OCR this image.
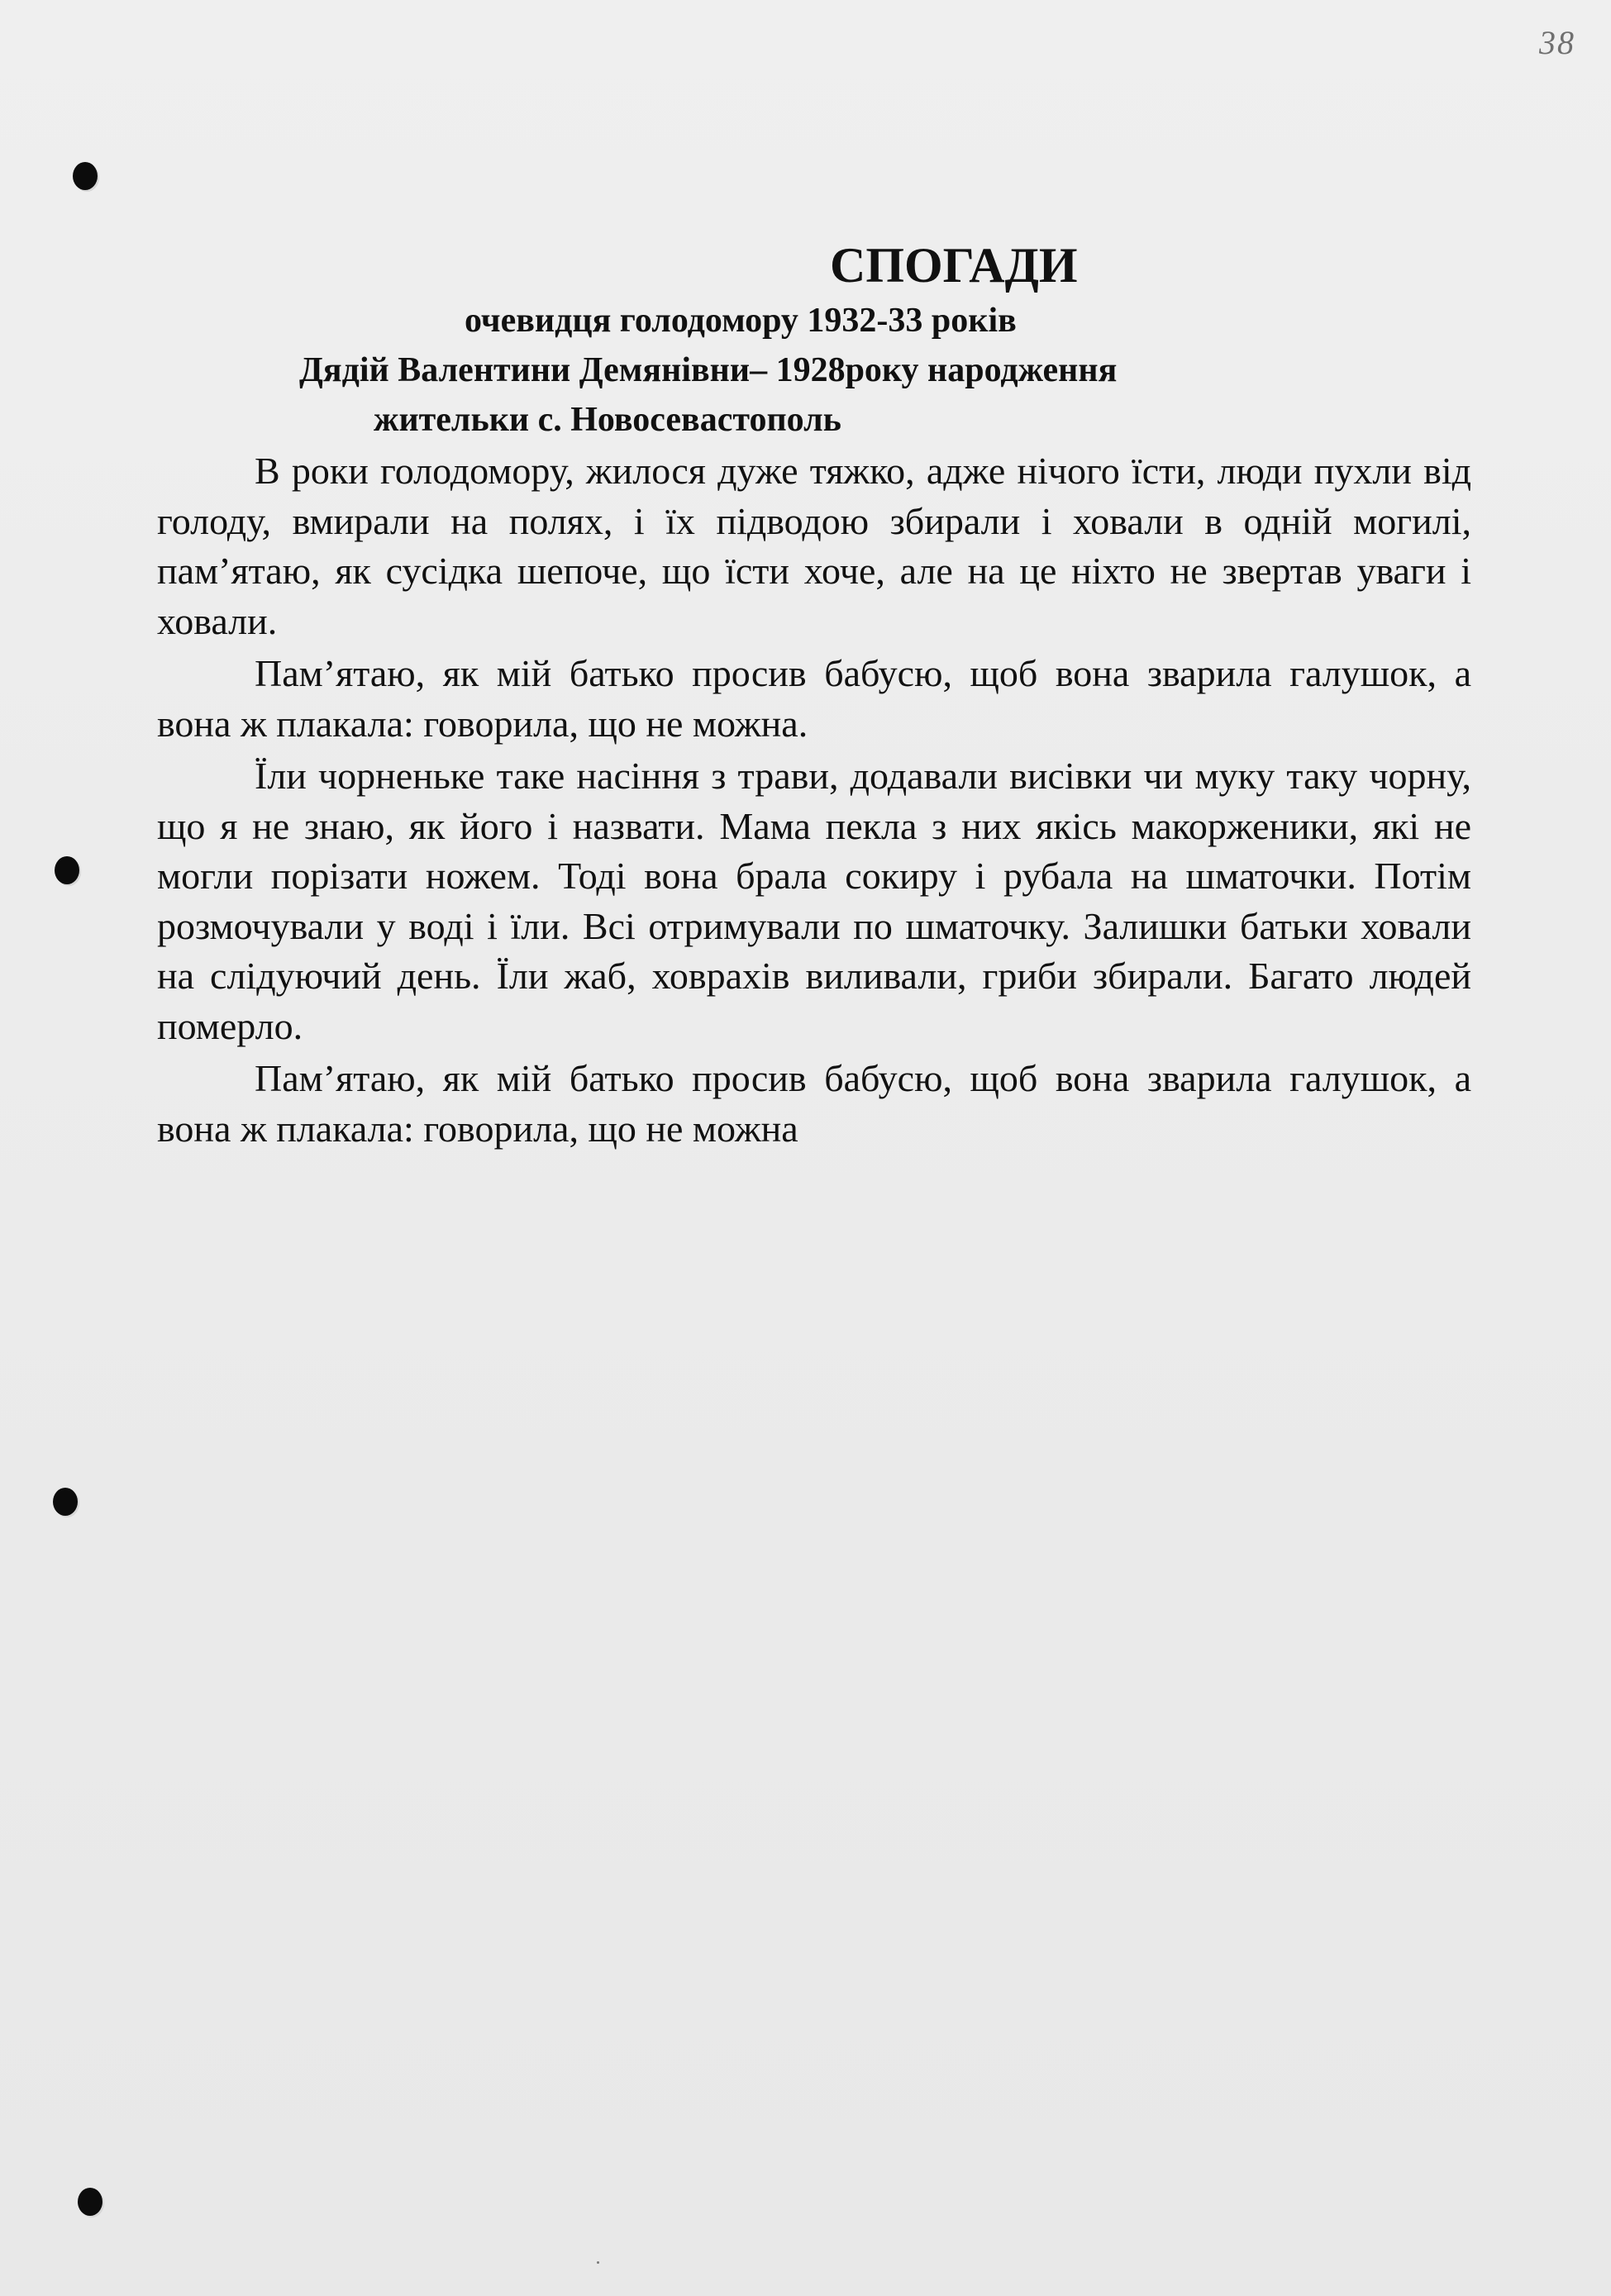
38
СПОГАДИ
очевидця голодомору 1932-33 років
Дядій Валентини Демянівни– 1928року народження
жительки с. Новосевастополь

В роки голодомору, жилося дуже тяжко, адже нічого їсти, люди пухли від голоду, вмирали на полях, і їх підводою збирали і ховали в одній могилі, пам’ятаю, як сусідка шепоче, що їсти хоче, але на це ніхто не звертав уваги і ховали.

Пам’ятаю, як мій батько просив бабусю, щоб вона зварила галушок, а вона ж плакала: говорила, що не можна.

Їли чорненьке таке насіння з трави, додавали висівки чи муку таку чорну, що я не знаю, як його і назвати. Мама пекла з них якісь макорженики, які не могли порізати ножем. Тоді вона брала сокиру і рубала на шматочки. Потім розмочували у воді і їли. Всі отримували по шматочку. Залишки батьки ховали на слідуючий день. Їли жаб, ховрахів виливали, гриби збирали. Багато людей померло.

Пам’ятаю, як мій батько просив бабусю, щоб вона зварила галушок, а вона ж плакала: говорила, що не можна
